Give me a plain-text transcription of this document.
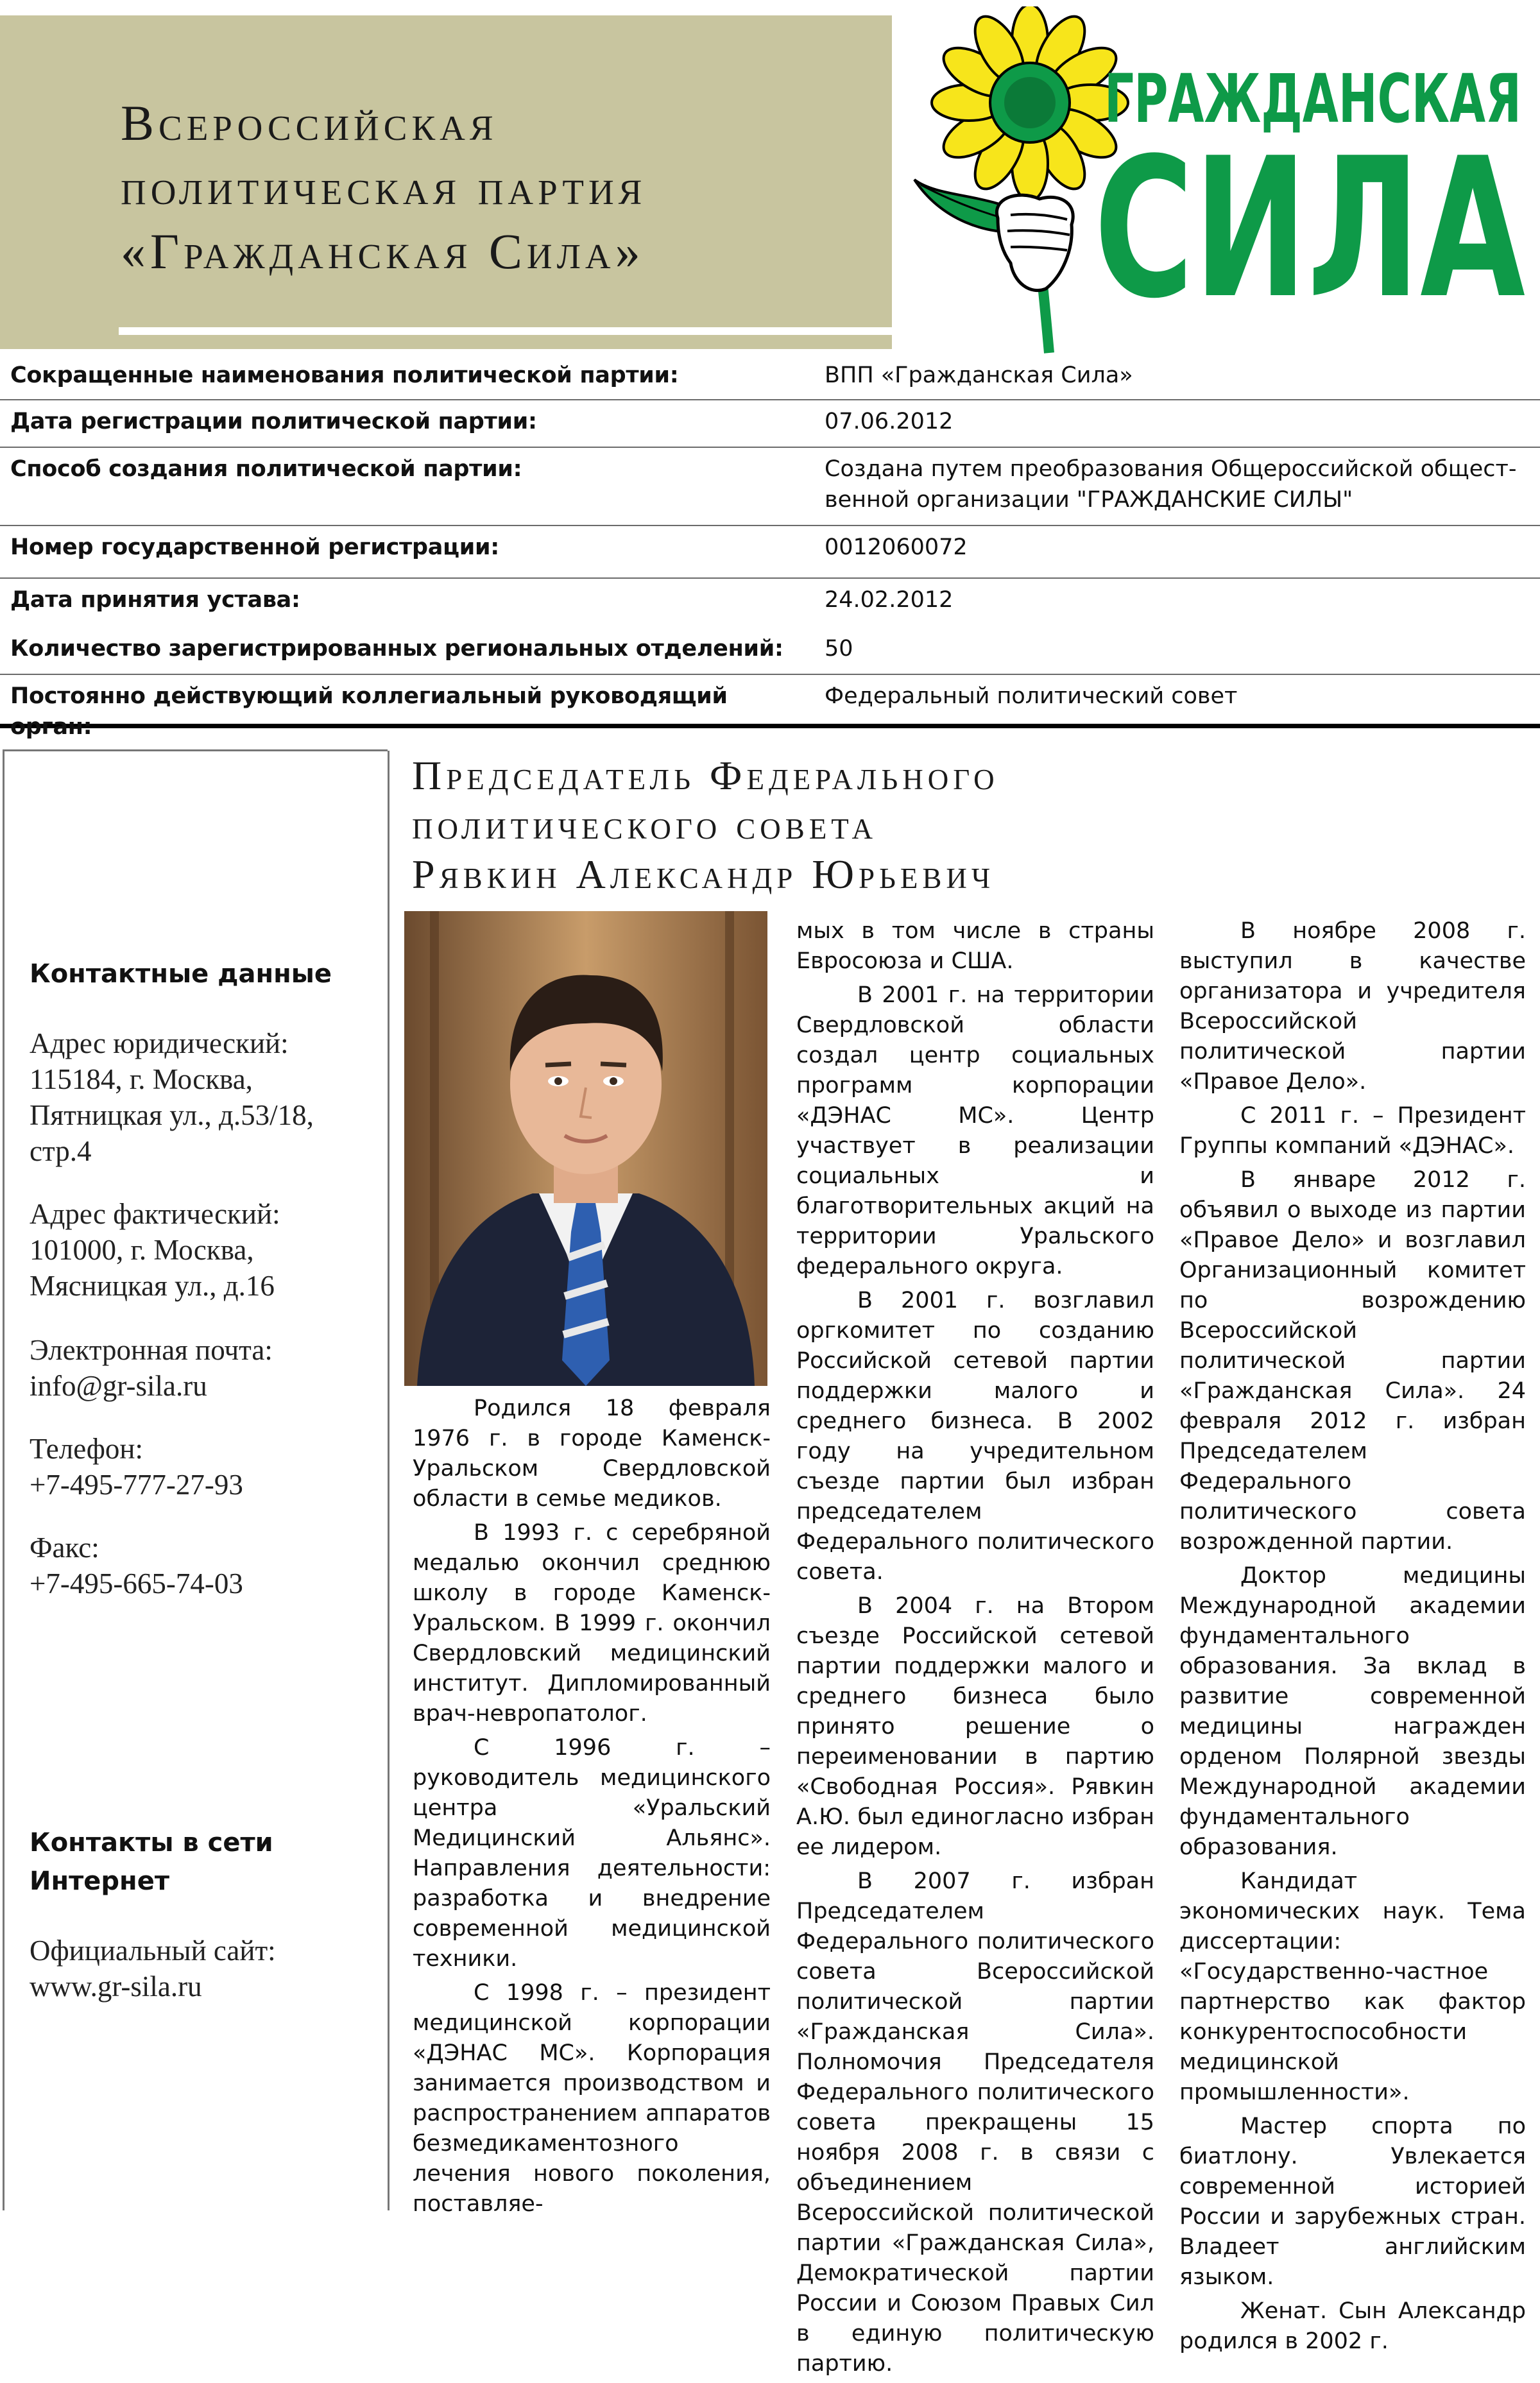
Всероссийская
политическая партия
«Гражданская Сила»
ГРАЖДАНСКАЯ
СИЛА
Сокращенные наименования политической партии:	ВПП «Гражданская Сила»
Дата регистрации политической партии:	07.06.2012
Способ создания политической партии:	Создана путем преобразования Общероссийской общест-венной организации "ГРАЖДАНСКИЕ СИЛЫ"
Номер государственной регистрации:	0012060072
Дата принятия устава:	24.02.2012
Количество зарегистрированных региональных отделений:	50
Постоянно действующий коллегиальный руководящий орган:
Федеральный политический совет
Контактные данные
Адрес юридический:
115184, г. Москва, Пятницкая ул., д.53/18, стр.4
Адрес фактический:
101000, г. Москва, Мясницкая ул., д.16
Электронная почта:
info@gr-sila.ru
Телефон:
+7-495-777-27-93
Факс:
+7-495-665-74-03
Контакты в сети Интернет
Официальный сайт:
www.gr-sila.ru
Председатель Федерального
политического совета
Рявкин Александр Юрьевич

Родился 18 февраля 1976 г. в городе Каменск-Уральском Свердловской области в семье медиков.

В 1993 г. с серебряной медалью окончил среднюю школу в городе Каменск-Уральском. В 1999 г. окончил Свердловский медицинский институт. Дипломированный врач-невропатолог.

С 1996 г. – руководитель медицинского центра «Уральский Медицинский Альянс». Направления деятельности: разработка и внедрение современной медицинской техники.

С 1998 г. – президент медицинской корпорации «ДЭНАС МС». Корпорация занимается производством и распространением аппаратов безмедикаментозного лечения нового поколения, поставляе-

мых в том числе в страны Евросоюза и США.

В 2001 г. на территории Свердловской области создал центр социальных программ корпорации «ДЭНАС МС». Центр участвует в реализации социальных и благотворительных акций на территории Уральского федерального округа.

В 2001 г. возглавил оргкомитет по созданию Российской сетевой партии поддержки малого и среднего бизнеса. В 2002 году на учредительном съезде партии был избран председателем Федерального политического совета.

В 2004 г. на Втором съезде Российской сетевой партии поддержки малого и среднего бизнеса было принято решение о переименовании в партию «Свободная Россия». Рявкин А.Ю. был единогласно избран ее лидером.

В 2007 г. избран Председателем Федерального политического совета Всероссийской политической партии «Гражданская Сила». Полномочия Председателя Федерального политического совета прекращены 15 ноября 2008 г. в связи с объединением Всероссийской политической партии «Гражданская Сила», Демократической партии России и Союзом Правых Сил в единую политическую партию.

В ноябре 2008 г. выступил в качестве организатора и учредителя Всероссийской политической партии «Правое Дело».

С 2011 г. – Президент Группы компаний «ДЭНАС».

В январе 2012 г. объявил о выходе из партии «Правое Дело» и возглавил Организационный комитет по возрождению Всероссийской политической партии «Гражданская Сила». 24 февраля 2012 г. избран Председателем Федерального политического совета возрожденной партии.

Доктор медицины Международной академии фундаментального образования. За вклад в развитие современной медицины награжден орденом Полярной звезды Международной академии фундаментального образования.

Кандидат экономических наук. Тема диссертации: «Государственно-частное партнерство как фактор конкурентоспособности медицинской промышленности».

Мастер спорта по биатлону. Увлекается современной историей России и зарубежных стран. Владеет английским языком.

Женат. Сын Александр родился в 2002 г.
